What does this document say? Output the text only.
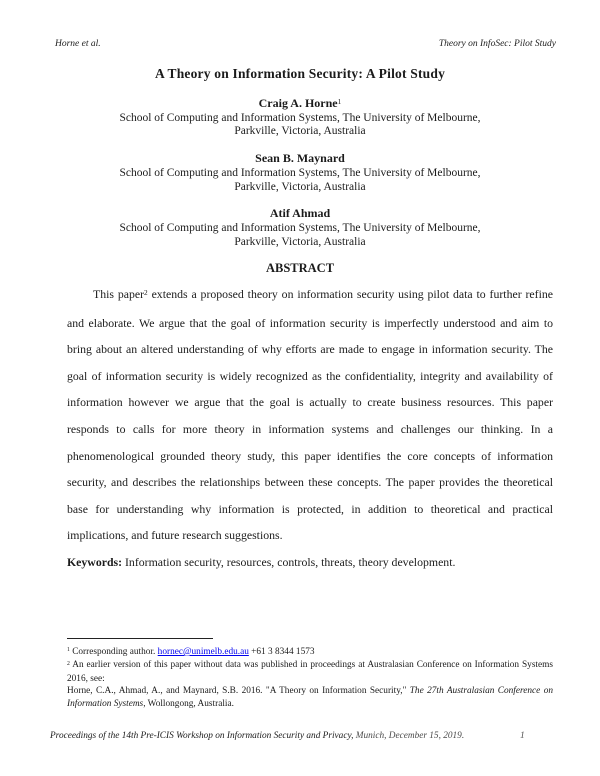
Horne et al.	Theory on InfoSec: Pilot Study
A Theory on Information Security: A Pilot Study
Craig A. Horne$^1$
School of Computing and Information Systems, The University of Melbourne,
Parkville, Victoria, Australia
Sean B. Maynard
School of Computing and Information Systems, The University of Melbourne,
Parkville, Victoria, Australia
Atif Ahmad
School of Computing and Information Systems, The University of Melbourne,
Parkville, Victoria, Australia
ABSTRACT

This paper$^2$ extends a proposed theory on information security using pilot data to further refine and elaborate. We argue that the goal of information security is imperfectly understood and aim to bring about an altered understanding of why efforts are made to engage in information security. The goal of information security is widely recognized as the confidentiality, integrity and availability of information however we argue that the goal is actually to create business resources. This paper responds to calls for more theory in information systems and challenges our thinking. In a phenomenological grounded theory study, this paper identifies the core concepts of information security, and describes the relationships between these concepts. The paper provides the theoretical base for understanding why information is protected, in addition to theoretical and practical implications, and future research suggestions.

Keywords: Information security, resources, controls, threats, theory development.

$^1$ Corresponding author. hornec@unimelb.edu.au +61 3 8344 1573

$^2$ An earlier version of this paper without data was published in proceedings at Australasian Conference on Information Systems 2016, see:

Horne, C.A., Ahmad, A., and Maynard, S.B. 2016. "A Theory on Information Security," The 27th Australasian Conference on Information Systems, Wollongong, Australia.

Proceedings of the 14th Pre-ICIS Workshop on Information Security and Privacy, Munich, December 15, 2019.	1
